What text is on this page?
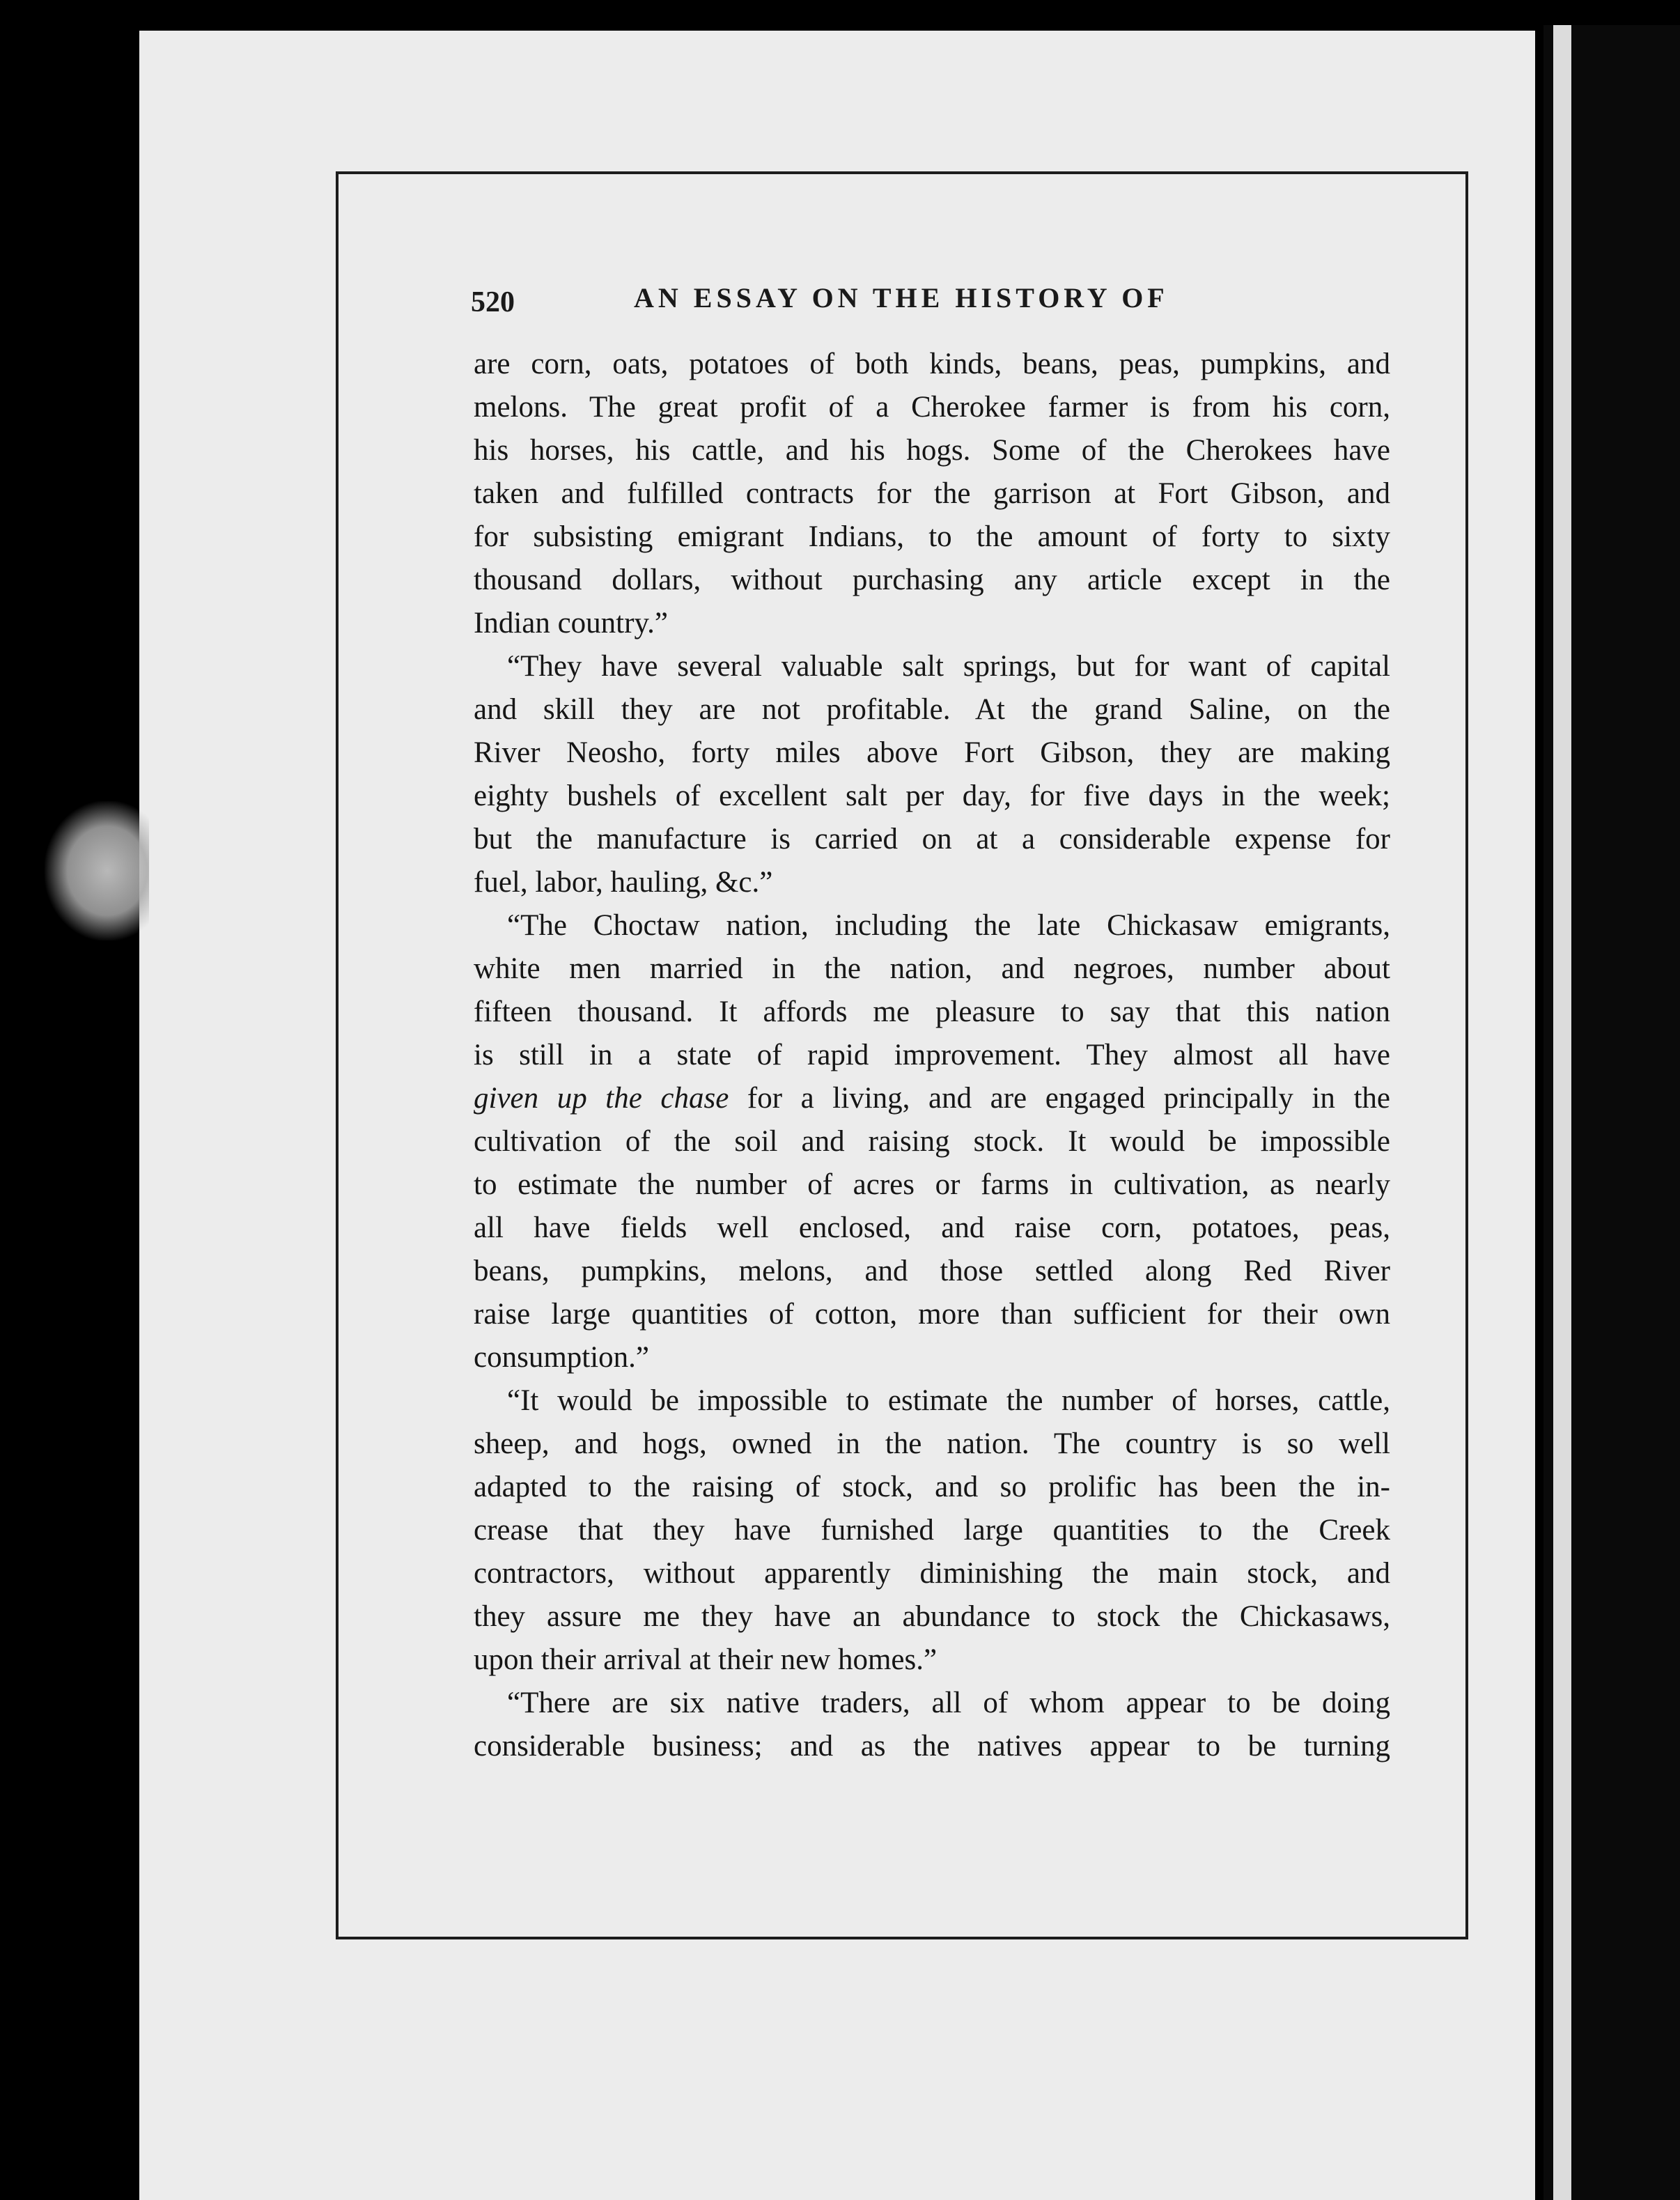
520	AN ESSAY ON THE HISTORY OF
are corn, oats, potatoes of both kinds, beans, peas, pumpkins, and
melons. The great profit of a Cherokee farmer is from his corn,
his horses, his cattle, and his hogs. Some of the Cherokees have
taken and fulfilled contracts for the garrison at Fort Gibson, and
for subsisting emigrant Indians, to the amount of forty to sixty
thousand dollars, without purchasing any article except in the
Indian country.”
“They have several valuable salt springs, but for want of capital
and skill they are not profitable. At the grand Saline, on the
River Neosho, forty miles above Fort Gibson, they are making
eighty bushels of excellent salt per day, for five days in the week;
but the manufacture is carried on at a considerable expense for
fuel, labor, hauling, &c.”
“The Choctaw nation, including the late Chickasaw emigrants,
white men married in the nation, and negroes, number about
fifteen thousand. It affords me pleasure to say that this nation
is still in a state of rapid improvement. They almost all have
given up the chase for a living, and are engaged principally in the
cultivation of the soil and raising stock. It would be impossible
to estimate the number of acres or farms in cultivation, as nearly
all have fields well enclosed, and raise corn, potatoes, peas,
beans, pumpkins, melons, and those settled along Red River
raise large quantities of cotton, more than sufficient for their own
consumption.”
“It would be impossible to estimate the number of horses, cattle,
sheep, and hogs, owned in the nation. The country is so well
adapted to the raising of stock, and so prolific has been the in-
crease that they have furnished large quantities to the Creek
contractors, without apparently diminishing the main stock, and
they assure me they have an abundance to stock the Chickasaws,
upon their arrival at their new homes.”
“There are six native traders, all of whom appear to be doing
considerable business; and as the natives appear to be turning
